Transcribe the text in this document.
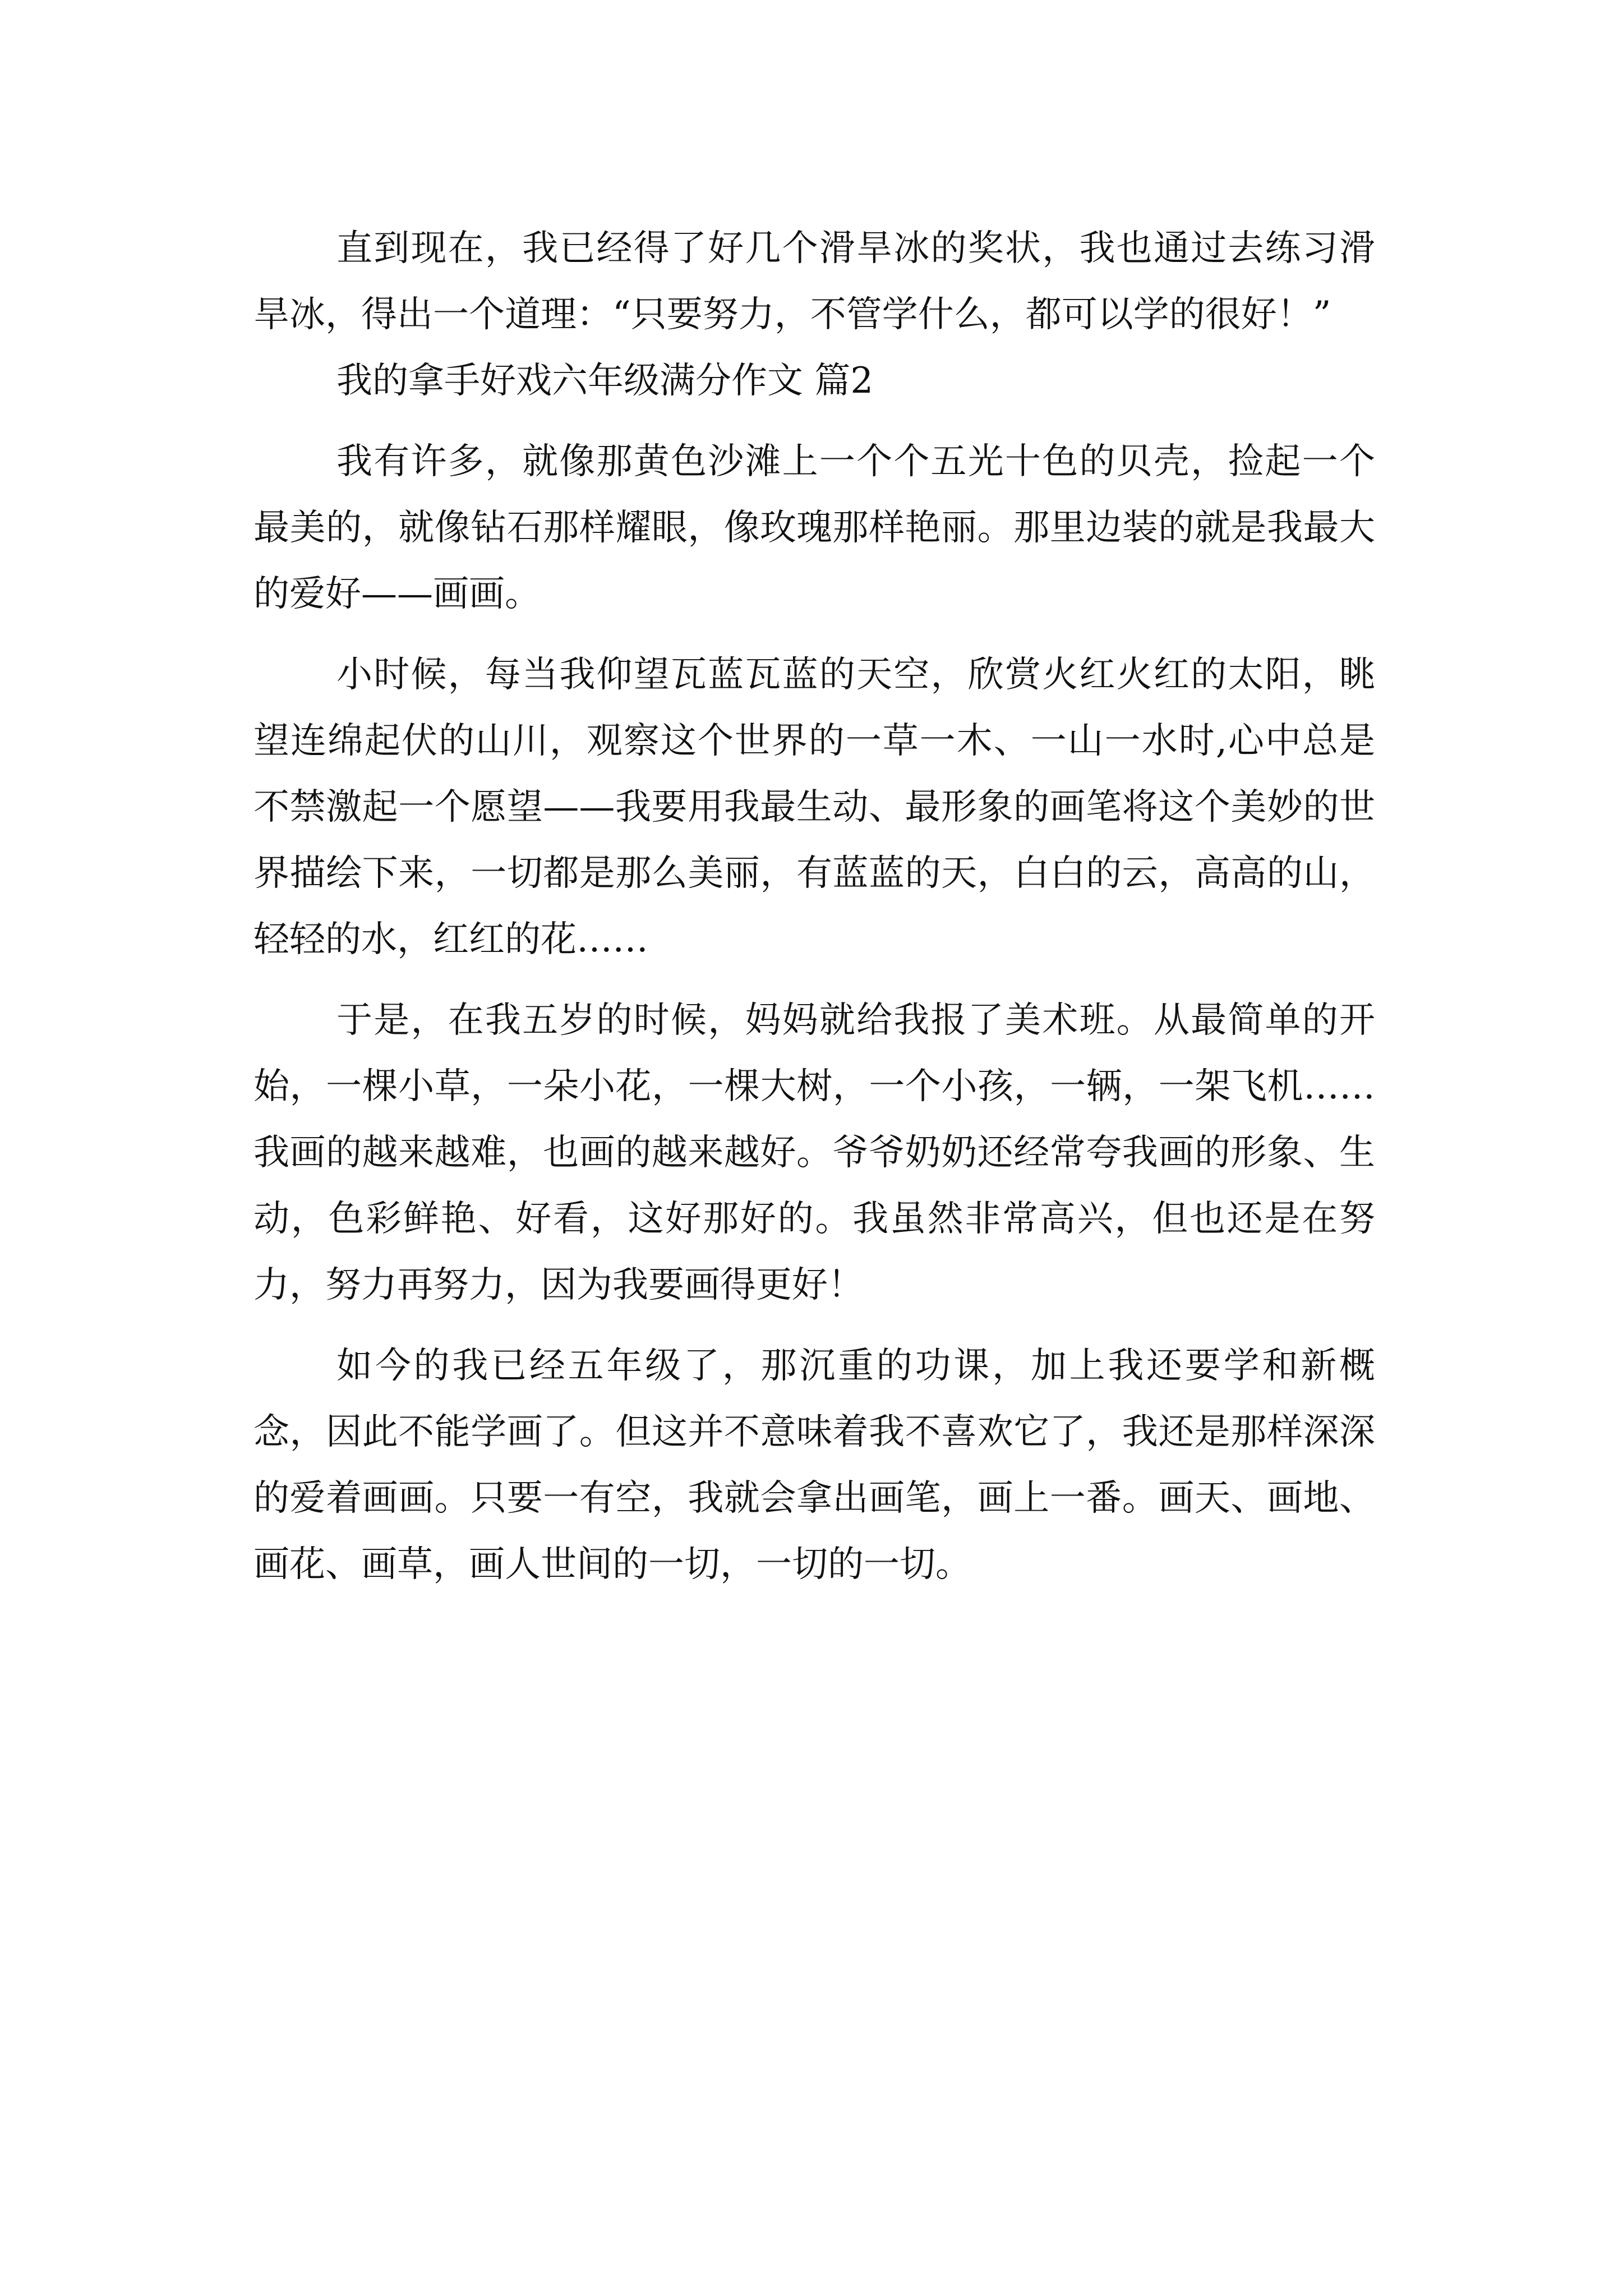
直到现在，我已经得了好几个滑旱冰的奖状，我也通过去练习滑旱冰，得出一个道理：“只要努力，不管学什么，都可以学的很好！”

我的拿手好戏六年级满分作文 篇2

我有许多，就像那黄色沙滩上一个个五光十色的贝壳，捡起一个最美的，就像钻石那样耀眼，像玫瑰那样艳丽。那里边装的就是我最大的爱好——画画。

小时候，每当我仰望瓦蓝瓦蓝的天空，欣赏火红火红的太阳，眺望连绵起伏的山川，观察这个世界的一草一木、一山一水时,心中总是不禁激起一个愿望——我要用我最生动、最形象的画笔将这个美妙的世界描绘下来，一切都是那么美丽，有蓝蓝的天，白白的云，高高的山，轻轻的水，红红的花……

于是，在我五岁的时候，妈妈就给我报了美术班。从最简单的开始，一棵小草，一朵小花，一棵大树，一个小孩，一辆，一架飞机……我画的越来越难，也画的越来越好。爷爷奶奶还经常夸我画的形象、生动，色彩鲜艳、好看，这好那好的。我虽然非常高兴，但也还是在努力，努力再努力，因为我要画得更好！

如今的我已经五年级了，那沉重的功课，加上我还要学和新概念，因此不能学画了。但这并不意味着我不喜欢它了，我还是那样深深的爱着画画。只要一有空，我就会拿出画笔，画上一番。画天、画地、画花、画草，画人世间的一切，一切的一切。
